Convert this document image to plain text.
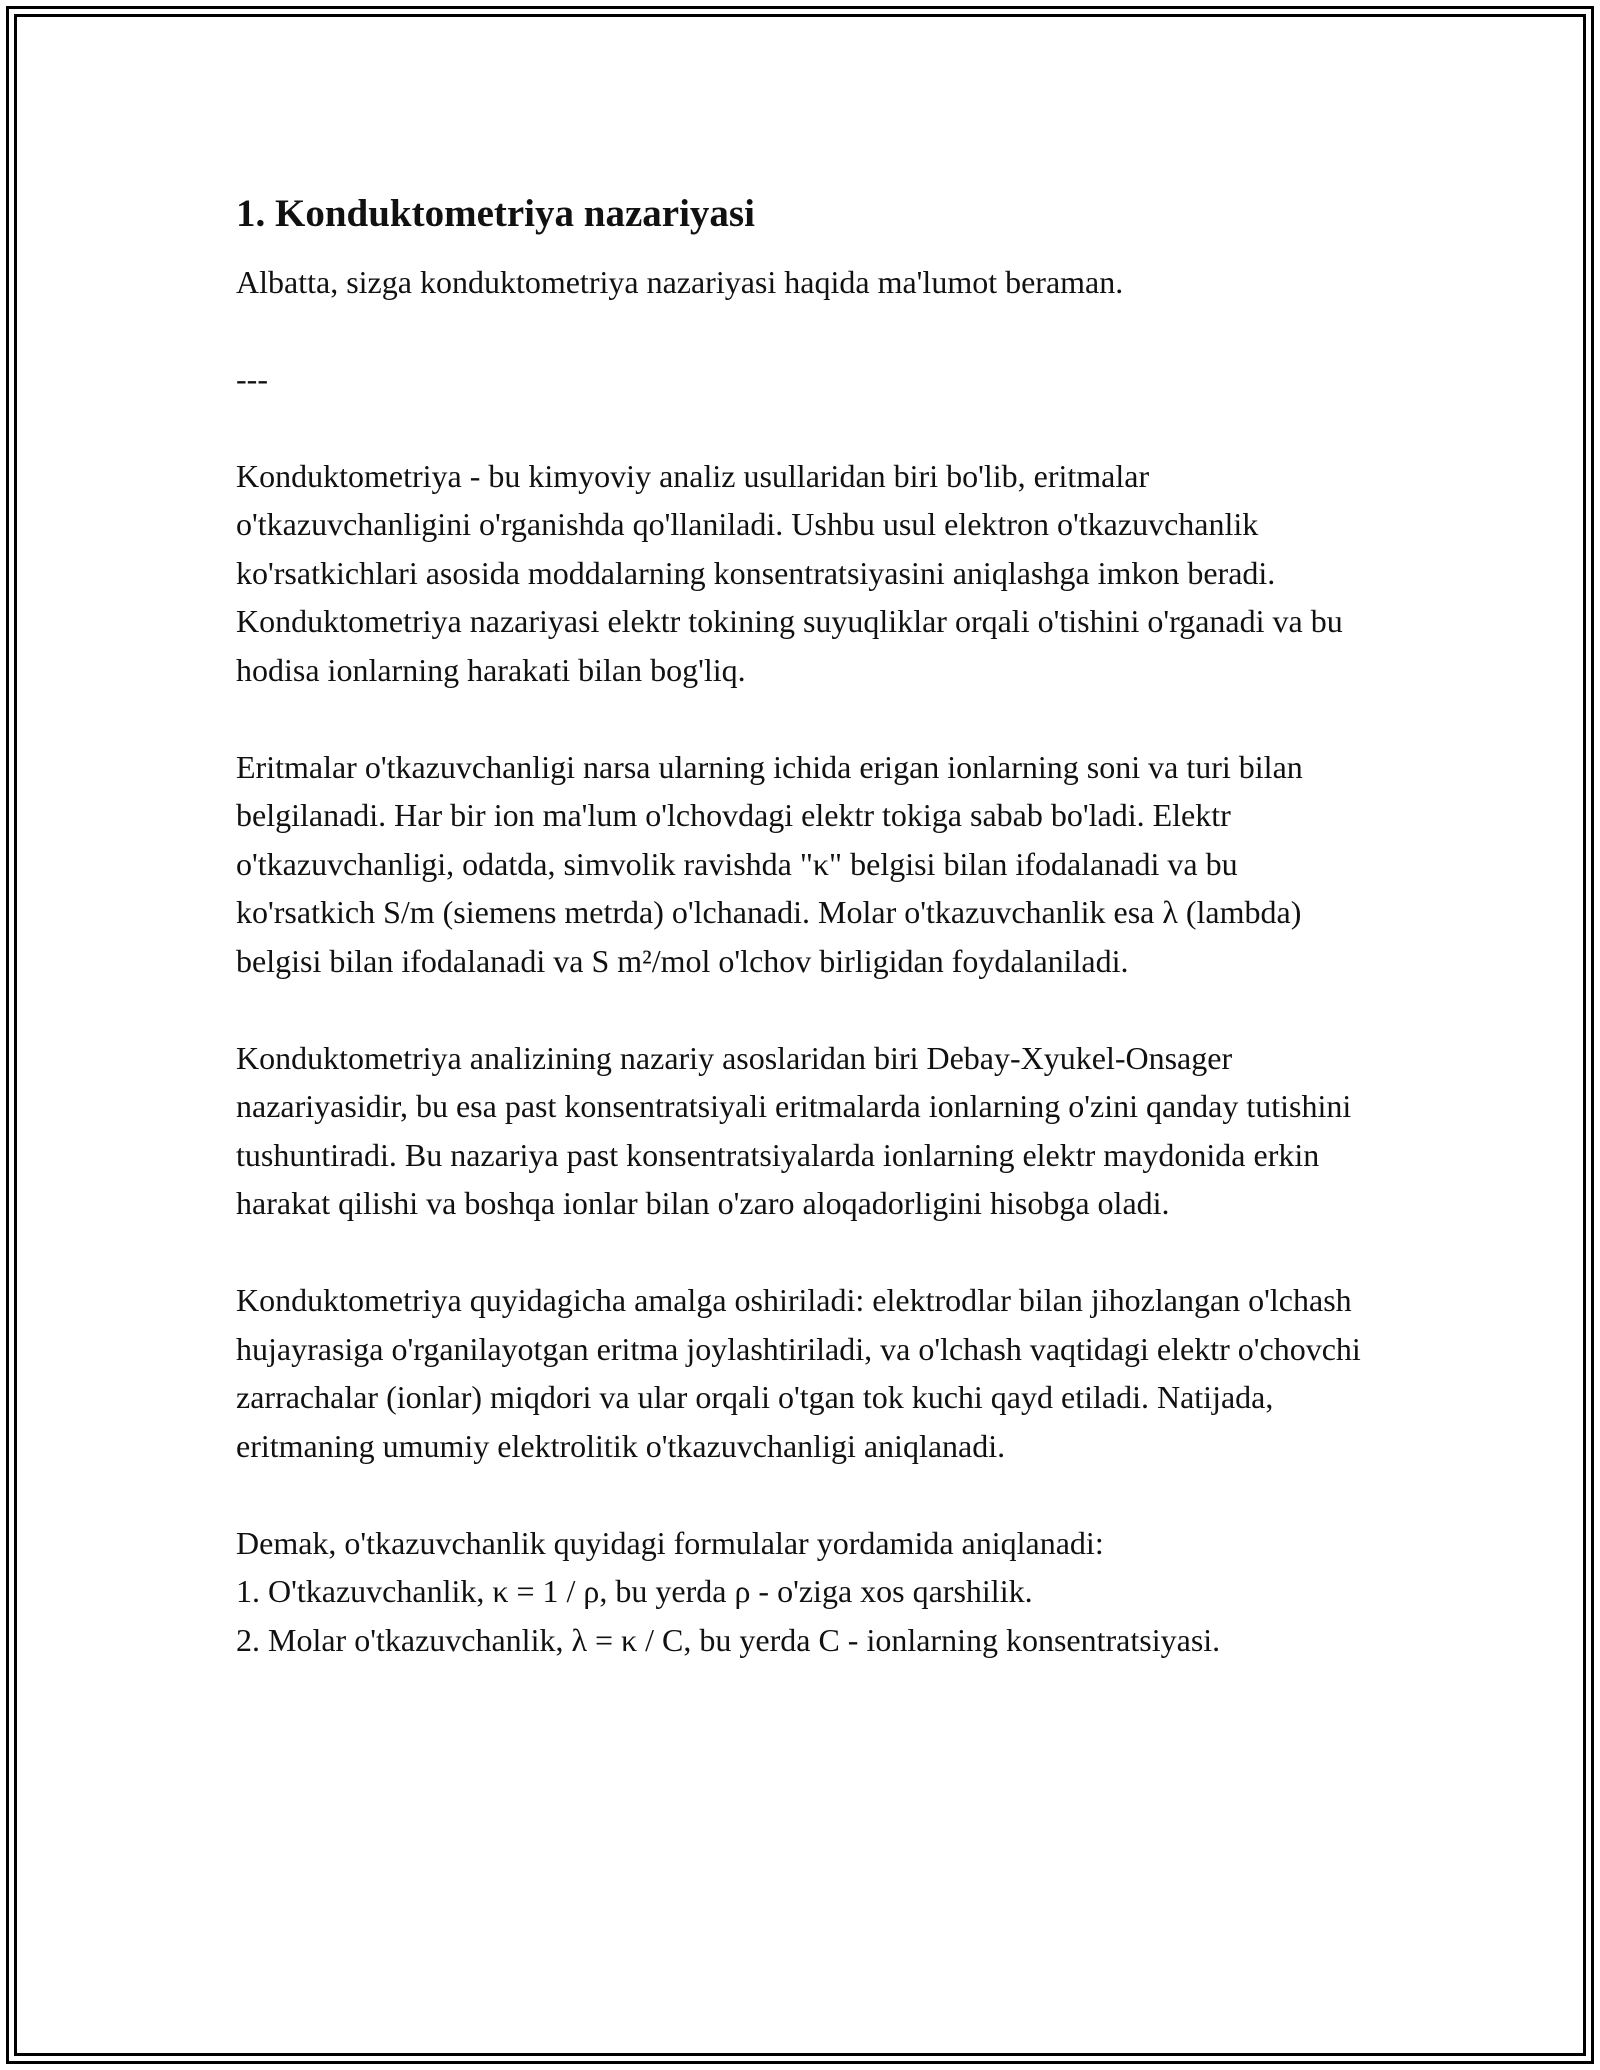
1. Konduktometriya nazariyasi

Albatta, sizga konduktometriya nazariyasi haqida ma'lumot beraman.

---

Konduktometriya - bu kimyoviy analiz usullaridan biri bo'lib, eritmalar o'tkazuvchanligini o'rganishda qo'llaniladi. Ushbu usul elektron o'tkazuvchanlik ko'rsatkichlari asosida moddalarning konsentratsiyasini aniqlashga imkon beradi. Konduktometriya nazariyasi elektr tokining suyuqliklar orqali o'tishini o'rganadi va bu hodisa ionlarning harakati bilan bog'liq.

Eritmalar o'tkazuvchanligi narsa ularning ichida erigan ionlarning soni va turi bilan belgilanadi. Har bir ion ma'lum o'lchovdagi elektr tokiga sabab bo'ladi. Elektr o'tkazuvchanligi, odatda, simvolik ravishda "κ" belgisi bilan ifodalanadi va bu ko'rsatkich S/m (siemens metrda) o'lchanadi. Molar o'tkazuvchanlik esa λ (lambda) belgisi bilan ifodalanadi va S m²/mol o'lchov birligidan foydalaniladi.

Konduktometriya analizining nazariy asoslaridan biri Debay-Xyukel-Onsager nazariyasidir, bu esa past konsentratsiyali eritmalarda ionlarning o'zini qanday tutishini tushuntiradi. Bu nazariya past konsentratsiyalarda ionlarning elektr maydonida erkin harakat qilishi va boshqa ionlar bilan o'zaro aloqadorligini hisobga oladi.

Konduktometriya quyidagicha amalga oshiriladi: elektrodlar bilan jihozlangan o'lchash hujayrasiga o'rganilayotgan eritma joylashtiriladi, va o'lchash vaqtidagi elektr o'chovchi zarrachalar (ionlar) miqdori va ular orqali o'tgan tok kuchi qayd etiladi. Natijada, eritmaning umumiy elektrolitik o'tkazuvchanligi aniqlanadi.

Demak, o'tkazuvchanlik quyidagi formulalar yordamida aniqlanadi:
1. O'tkazuvchanlik, κ = 1 / ρ, bu yerda ρ - o'ziga xos qarshilik.
2. Molar o'tkazuvchanlik, λ = κ / C, bu yerda C - ionlarning konsentratsiyasi.
